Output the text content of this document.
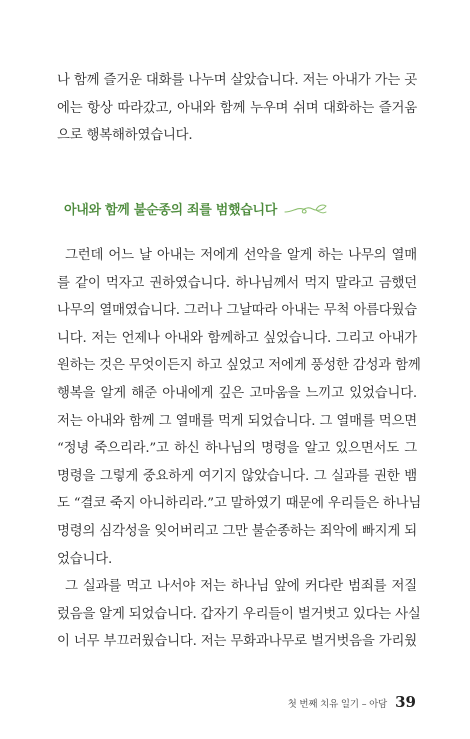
나 함께 즐거운 대화를 나누며 살았습니다. 저는 아내가 가는 곳
에는 항상 따라갔고, 아내와 함께 누우며 쉬며 대화하는 즐거움
으로 행복해하였습니다.
아내와 함께 불순종의 죄를 범했습니다
그런데 어느 날 아내는 저에게 선악을 알게 하는 나무의 열매
를 같이 먹자고 권하였습니다. 하나님께서 먹지 말라고 금했던
나무의 열매였습니다. 그러나 그날따라 아내는 무척 아름다웠습
니다. 저는 언제나 아내와 함께하고 싶었습니다. 그리고 아내가
원하는 것은 무엇이든지 하고 싶었고 저에게 풍성한 감성과 함께
행복을 알게 해준 아내에게 깊은 고마움을 느끼고 있었습니다.
저는 아내와 함께 그 열매를 먹게 되었습니다. 그 열매를 먹으면
“정녕 죽으리라.”고 하신 하나님의 명령을 알고 있으면서도 그
명령을 그렇게 중요하게 여기지 않았습니다. 그 실과를 권한 뱀
도 “결코 죽지 아니하리라.”고 말하였기 때문에 우리들은 하나님
명령의 심각성을 잊어버리고 그만 불순종하는 죄악에 빠지게 되
었습니다.
그 실과를 먹고 나서야 저는 하나님 앞에 커다란 범죄를 저질
렀음을 알게 되었습니다. 갑자기 우리들이 벌거벗고 있다는 사실
이 너무 부끄러웠습니다. 저는 무화과나무로 벌거벗음을 가리웠
첫 번째 치유 일기 – 아담 39
